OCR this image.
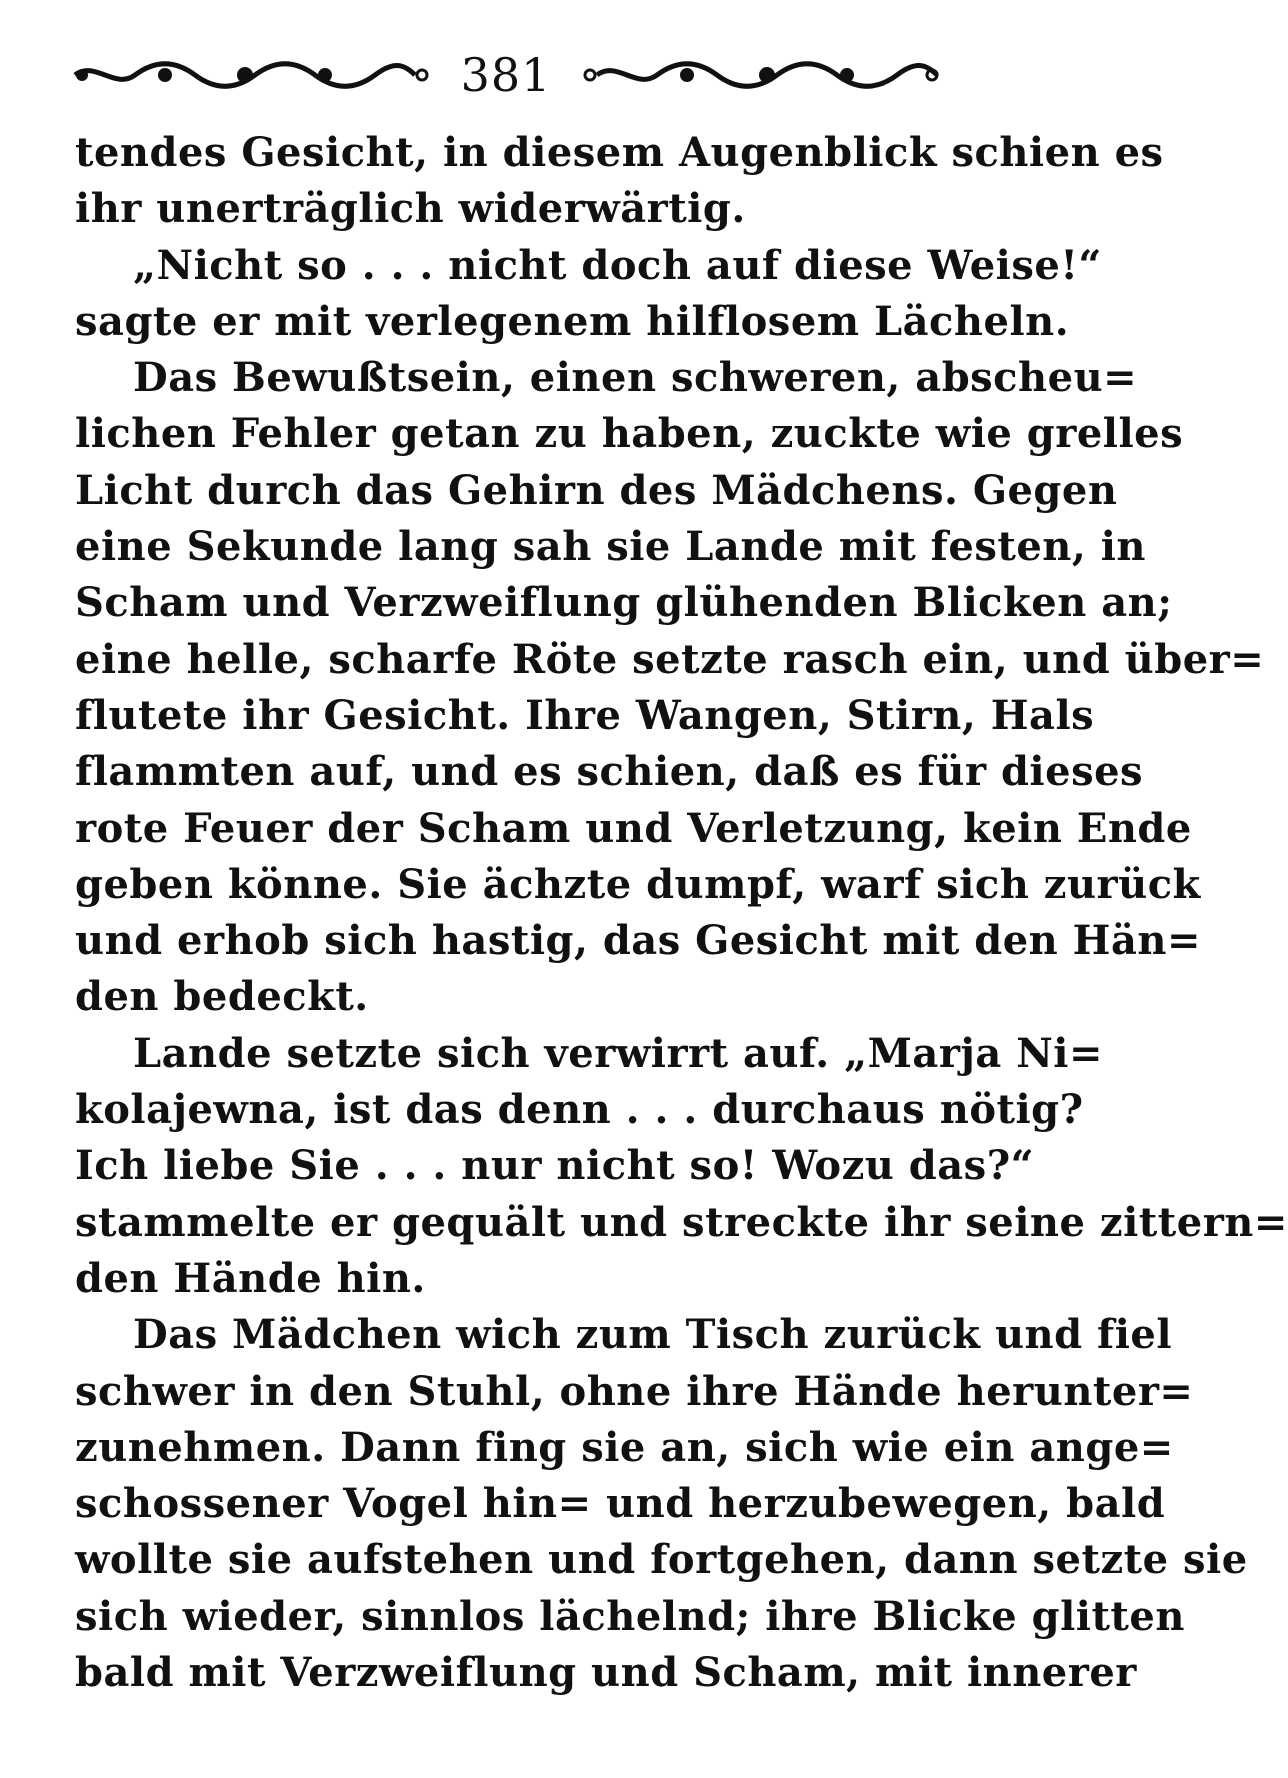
381
tendes Gesicht, in diesem Augenblick schien es
ihr unerträglich widerwärtig.
„Nicht so . . . nicht doch auf diese Weise!“
sagte er mit verlegenem hilflosem Lächeln.
Das Bewußtsein, einen schweren, abscheu=
lichen Fehler getan zu haben, zuckte wie grelles
Licht durch das Gehirn des Mädchens. Gegen
eine Sekunde lang sah sie Lande mit festen, in
Scham und Verzweiflung glühenden Blicken an;
eine helle, scharfe Röte setzte rasch ein, und über=
flutete ihr Gesicht. Ihre Wangen, Stirn, Hals
flammten auf, und es schien, daß es für dieses
rote Feuer der Scham und Verletzung, kein Ende
geben könne. Sie ächzte dumpf, warf sich zurück
und erhob sich hastig, das Gesicht mit den Hän=
den bedeckt.
Lande setzte sich verwirrt auf. „Marja Ni=
kolajewna, ist das denn . . . durchaus nötig?
Ich liebe Sie . . . nur nicht so! Wozu das?“
stammelte er gequält und streckte ihr seine zittern=
den Hände hin.
Das Mädchen wich zum Tisch zurück und fiel
schwer in den Stuhl, ohne ihre Hände herunter=
zunehmen. Dann fing sie an, sich wie ein ange=
schossener Vogel hin= und herzubewegen, bald
wollte sie aufstehen und fortgehen, dann setzte sie
sich wieder, sinnlos lächelnd; ihre Blicke glitten
bald mit Verzweiflung und Scham, mit innerer
